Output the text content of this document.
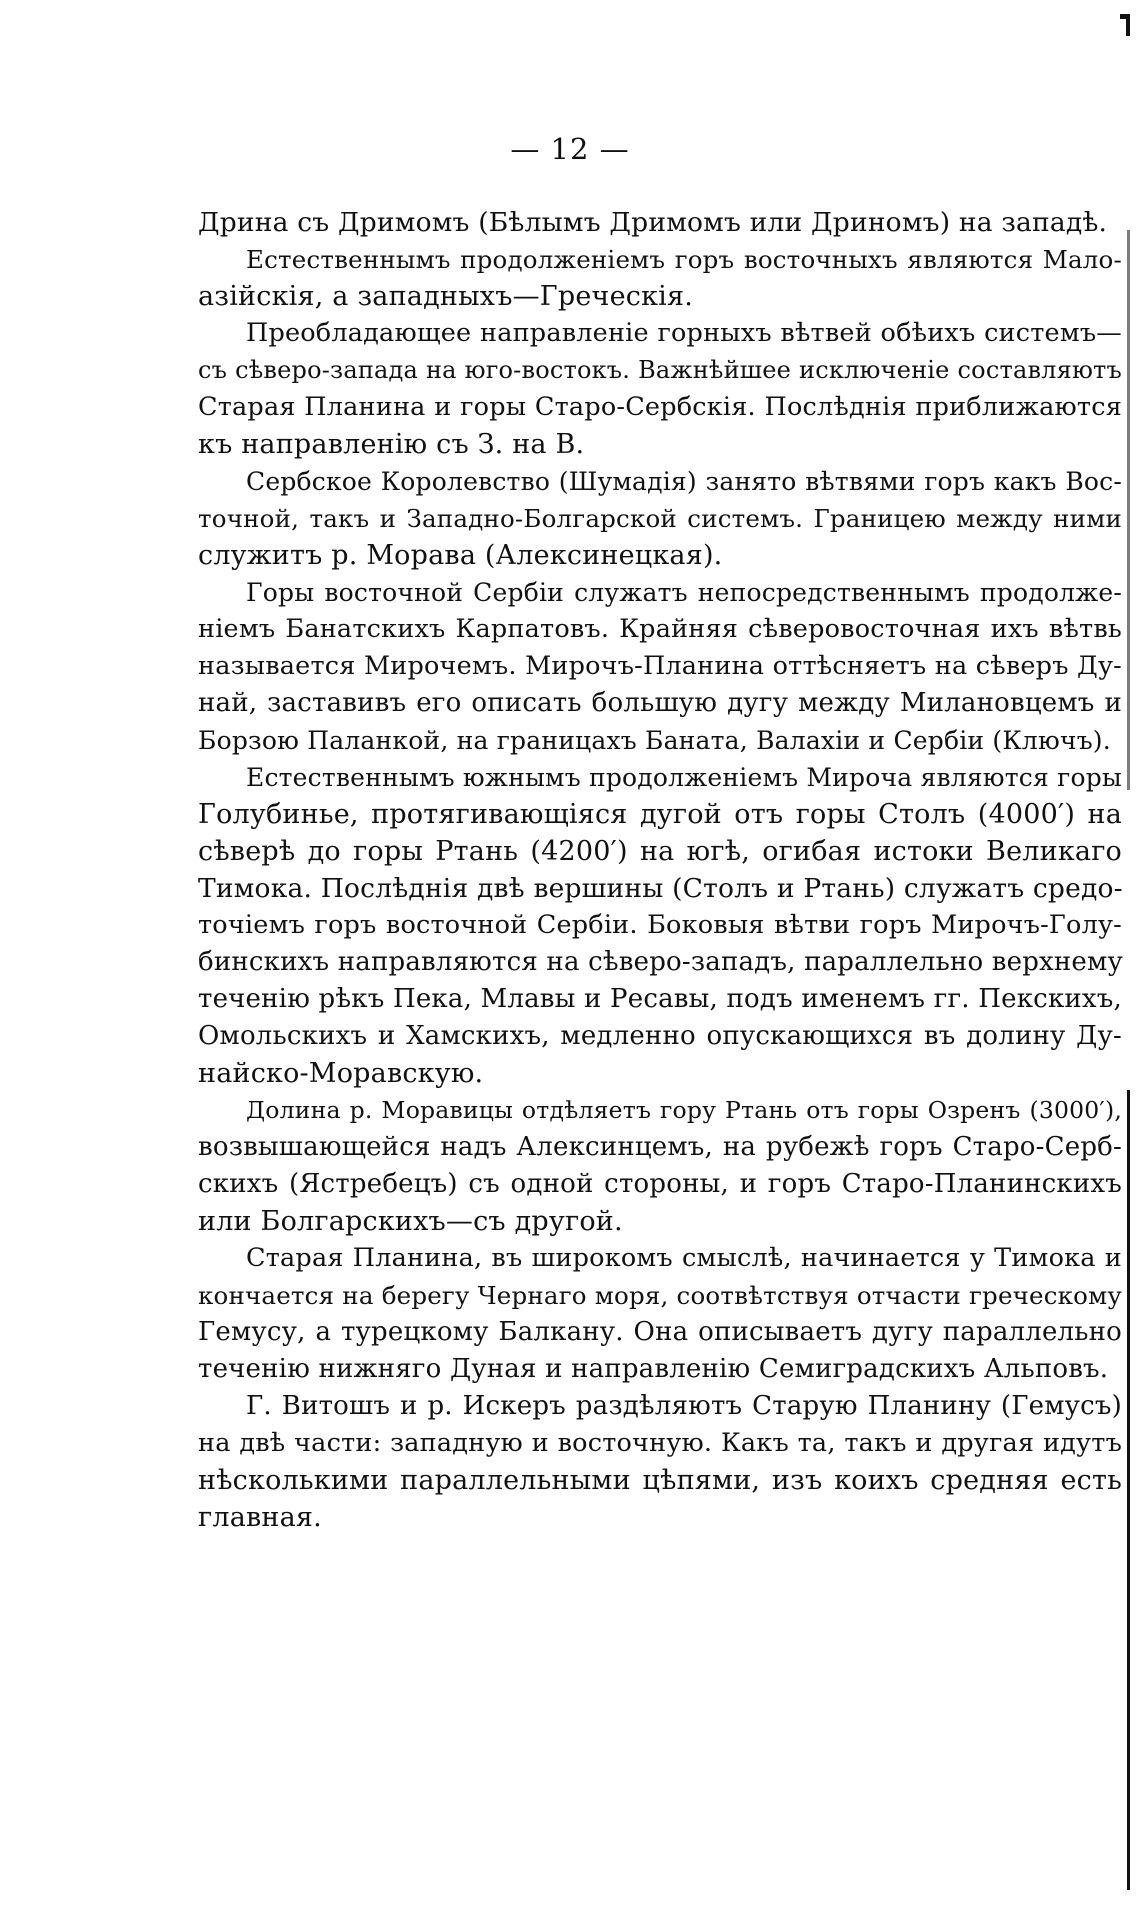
— 12 —
Дрина съ Дримомъ (Бѣлымъ Дримомъ или Дриномъ) на западѣ.
Естественнымъ продолженіемъ горъ восточныхъ являются Мало-
азійскія, а западныхъ—Греческія.
Преобладающее направленіе горныхъ вѣтвей обѣихъ системъ—
съ сѣверо-запада на юго-востокъ. Важнѣйшее исключеніе составляютъ
Старая Планина и горы Старо-Сербскія. Послѣднія приближаются
къ направленію съ З. на В.
Сербское Королевство (Шумадія) занято вѣтвями горъ какъ Вос-
точной, такъ и Западно-Болгарской системъ. Границею между ними
служитъ р. Морава (Алексинецкая).
Горы восточной Сербіи служатъ непосредственнымъ продолже-
ніемъ Банатскихъ Карпатовъ. Крайняя сѣверовосточная ихъ вѣтвь
называется Мирочемъ. Мирочъ-Планина оттѣсняетъ на сѣверъ Ду-
най, заставивъ его описать большую дугу между Милановцемъ и
Борзою Паланкой, на границахъ Баната, Валахіи и Сербіи (Ключъ).
Естественнымъ южнымъ продолженіемъ Мироча являются горы
Голубинье, протягивающіяся дугой отъ горы Столъ (4000′) на
сѣверѣ до горы Ртань (4200′) на югѣ, огибая истоки Великаго
Тимока. Послѣднія двѣ вершины (Столъ и Ртань) служатъ средо-
точіемъ горъ восточной Сербіи. Боковыя вѣтви горъ Мирочъ-Голу-
бинскихъ направляются на сѣверо-западъ, параллельно верхнему
теченію рѣкъ Пека, Млавы и Ресавы, подъ именемъ гг. Пекскихъ,
Омольскихъ и Хамскихъ, медленно опускающихся въ долину Ду-
найско-Моравскую.
Долина р. Моравицы отдѣляетъ гору Ртань отъ горы Озренъ (3000′),
возвышающейся надъ Алексинцемъ, на рубежѣ горъ Старо-Серб-
скихъ (Ястребецъ) съ одной стороны, и горъ Старо-Планинскихъ
или Болгарскихъ—съ другой.
Старая Планина, въ широкомъ смыслѣ, начинается у Тимока и
кончается на берегу Чернаго моря, соотвѣтствуя отчасти греческому
Гемусу, а турецкому Балкану. Она описываетъ дугу параллельно
теченію нижняго Дуная и направленію Семиградскихъ Альповъ.
Г. Витошъ и р. Искеръ раздѣляютъ Старую Планину (Гемусъ)
на двѣ части: западную и восточную. Какъ та, такъ и другая идутъ
нѣсколькими параллельными цѣпями, изъ коихъ средняя есть
главная.
